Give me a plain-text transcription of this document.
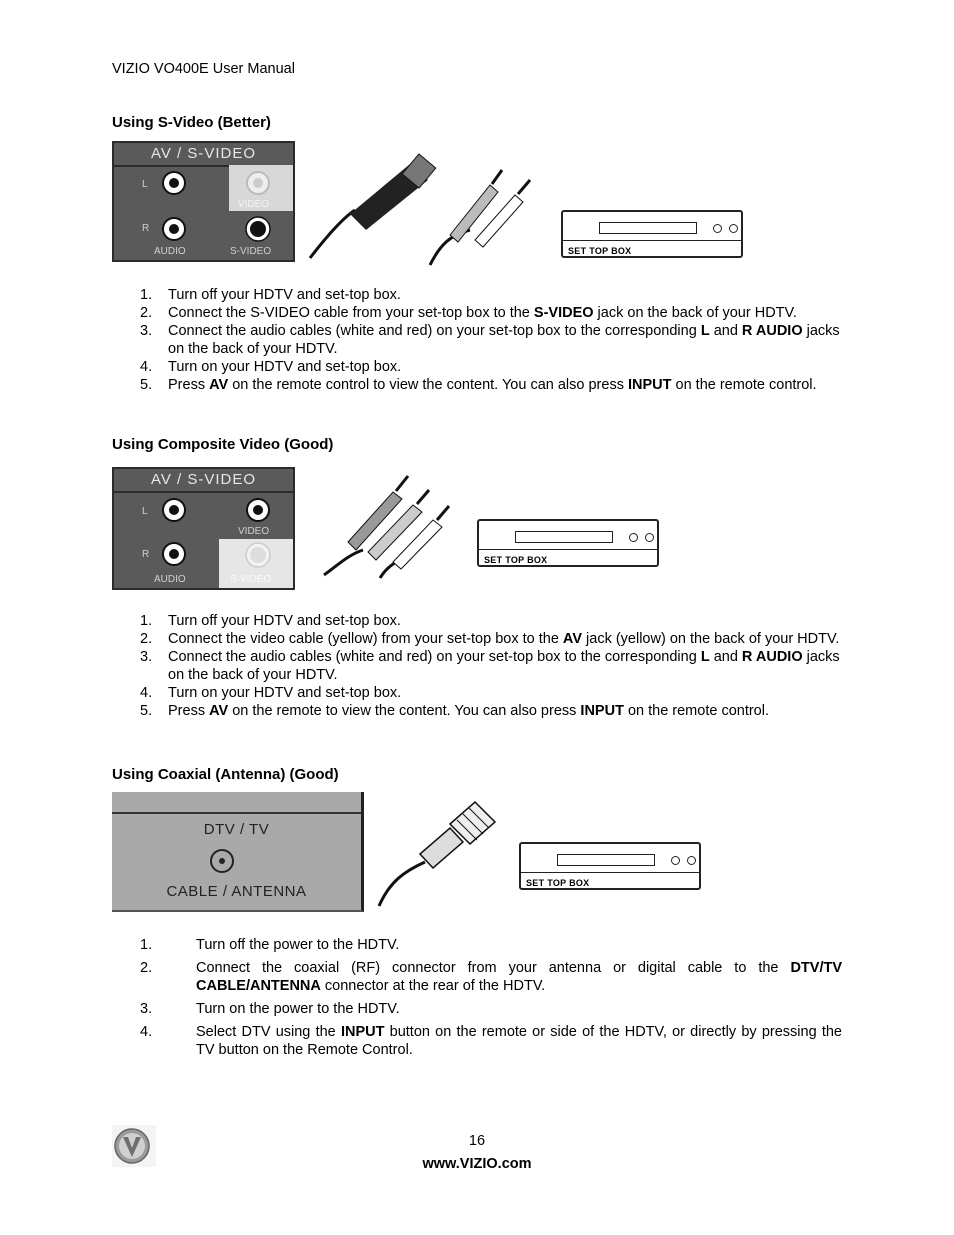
VIZIO VO400E User Manual
Using S-Video (Better)
AV / S-VIDEO
L
R
VIDEO
AUDIO	S-VIDEO	SET TOP BOX
1. Turn off your HDTV and set-top box.
2. Connect the S-VIDEO cable from your set-top box to the S-VIDEO jack on the back of your HDTV.
3. Connect the audio cables (white and red) on your set-top box to the corresponding L and R AUDIO jacks on the back of your HDTV.
4. Turn on your HDTV and set-top box.
5. Press AV on the remote control to view the content. You can also press INPUT on the remote control.
Using Composite Video (Good)
AV / S-VIDEO
L
R
VIDEO
AUDIO	S-VIDEO
SET TOP BOX
1. Turn off your HDTV and set-top box.
2. Connect the video cable (yellow) from your set-top box to the AV jack (yellow) on the back of your HDTV.
3. Connect the audio cables (white and red) on your set-top box to the corresponding L and R AUDIO jacks on the back of your HDTV.
4. Turn on your HDTV and set-top box.
5. Press AV on the remote to view the content. You can also press INPUT on the remote control.
Using Coaxial (Antenna) (Good)
DTV / TV
CABLE / ANTENNA	SET TOP BOX
1.	Turn off the power to the HDTV.
2.	Connect the coaxial (RF) connector from your antenna or digital cable to the DTV/TV CABLE/ANTENNA connector at the rear of the HDTV.
3.	Turn on the power to the HDTV.
4.	Select DTV using the INPUT button on the remote or side of the HDTV, or directly by pressing the TV button on the Remote Control.
16
www.VIZIO.com
